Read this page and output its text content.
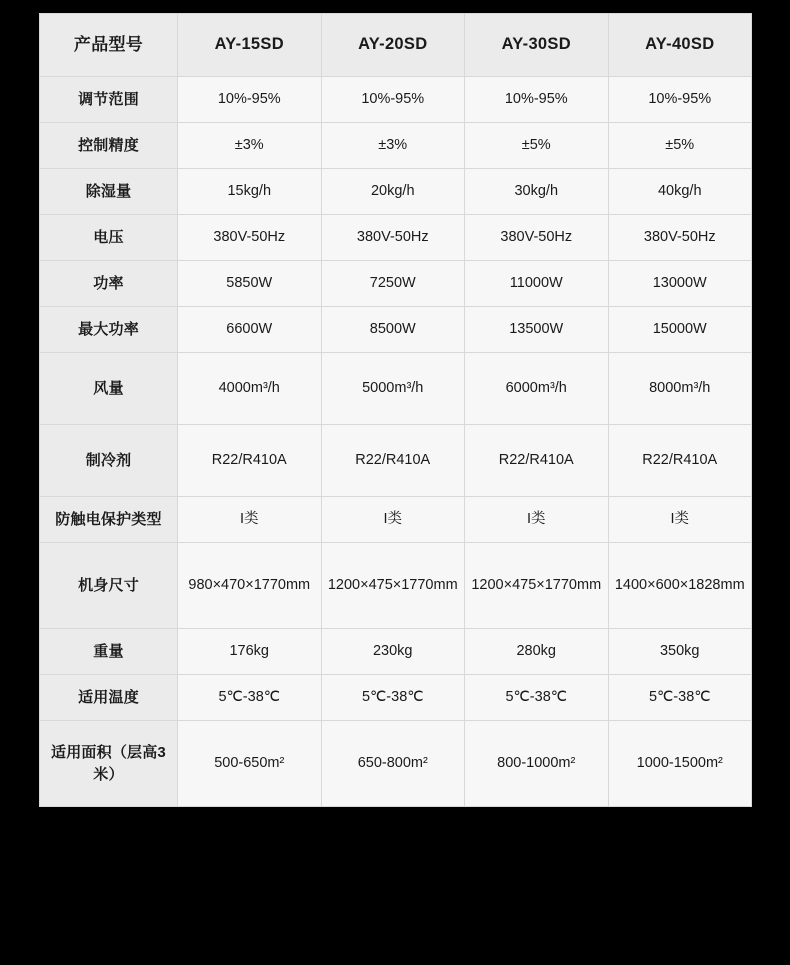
产品型号	AY-15SD	AY-20SD	AY-30SD	AY-40SD
调节范围	10%-95%	10%-95%	10%-95%	10%-95%
控制精度	±3%	±3%	±5%	±5%
除湿量	15kg/h	20kg/h	30kg/h	40kg/h
电压	380V-50Hz	380V-50Hz	380V-50Hz	380V-50Hz
功率	5850W	7250W	11000W	13000W
最大功率	6600W	8500W	13500W	15000W
风量	4000m³/h	5000m³/h	6000m³/h	8000m³/h
制冷剂	R22/R410A	R22/R410A	R22/R410A	R22/R410A
防触电保护类型	I类	I类	I类	I类
机身尺寸	980×470×1770mm	1200×475×1770mm	1200×475×1770mm	1400×600×1828mm
重量	176kg	230kg	280kg	350kg
适用温度	5℃-38℃	5℃-38℃	5℃-38℃	5℃-38℃
适用面积（层高3米）	500-650m²	650-800m²	800-1000m²	1000-1500m²
